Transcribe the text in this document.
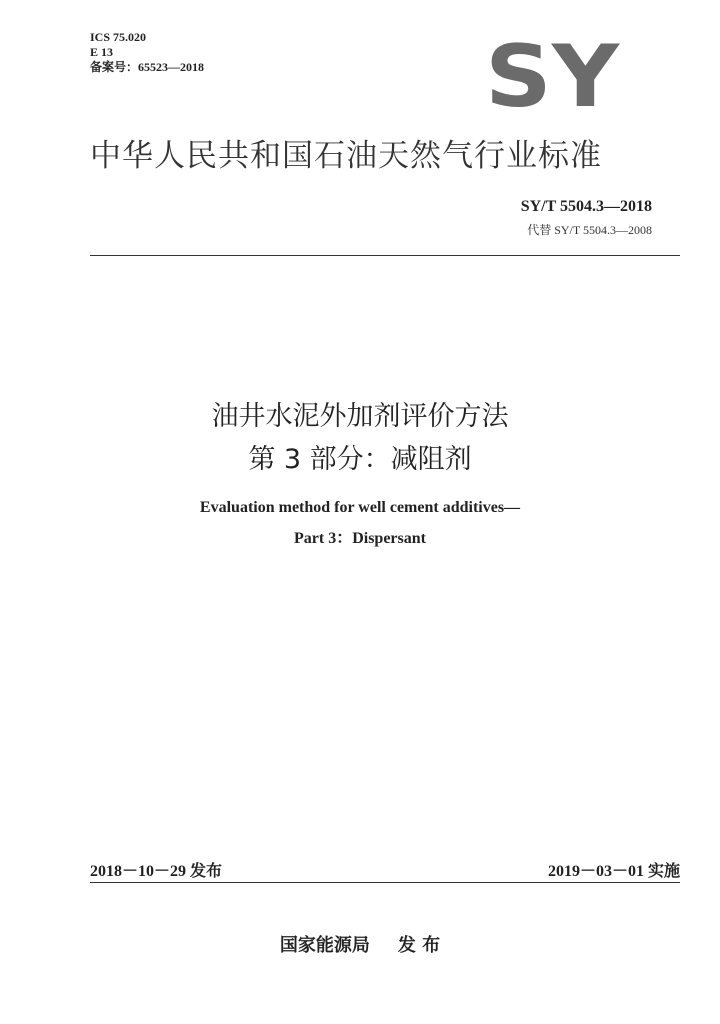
ICS 75.020
E 13
备案号：65523—2018	SY
中华人民共和国石油天然气行业标准
SY/T 5504.3—2018
代替 SY/T 5504.3—2008
油井水泥外加剂评价方法
第 3 部分：减阻剂
Evaluation method for well cement additives—
Part 3：Dispersant
2018－10－29 发布	2019－03－01 实施
国家能源局 发 布
